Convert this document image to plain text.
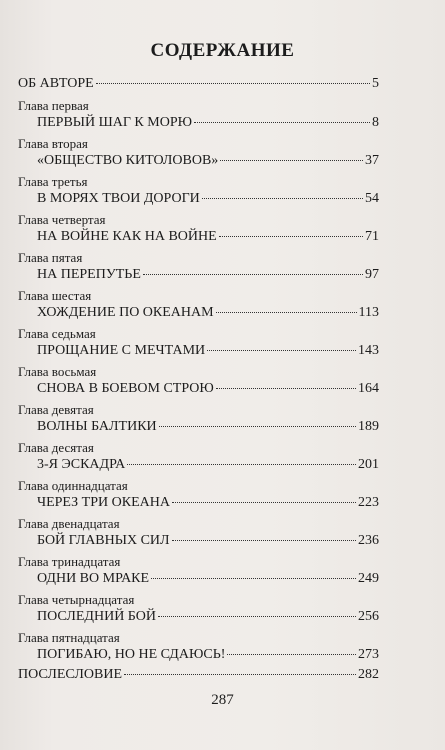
СОДЕРЖАНИЕ
ОБ АВТОРЕ	5
Глава первая
ПЕРВЫЙ ШАГ К МОРЮ	8
Глава вторая
«ОБЩЕСТВО КИТОЛОВОВ»	37
Глава третья
В МОРЯХ ТВОИ ДОРОГИ	54
Глава четвертая
НА ВОЙНЕ КАК НА ВОЙНЕ	71
Глава пятая
НА ПЕРЕПУТЬЕ	97
Глава шестая
ХОЖДЕНИЕ ПО ОКЕАНАМ	113
Глава седьмая
ПРОЩАНИЕ С МЕЧТАМИ	143
Глава восьмая
СНОВА В БОЕВОМ СТРОЮ	164
Глава девятая
ВОЛНЫ БАЛТИКИ	189
Глава десятая
3-Я ЭСКАДРА	201
Глава одиннадцатая
ЧЕРЕЗ ТРИ ОКЕАНА	223
Глава двенадцатая
БОЙ ГЛАВНЫХ СИЛ	236
Глава тринадцатая
ОДНИ ВО МРАКЕ	249
Глава четырнадцатая
ПОСЛЕДНИЙ БОЙ	256
Глава пятнадцатая
ПОГИБАЮ, НО НЕ СДАЮСЬ!	273
ПОСЛЕСЛОВИЕ	282
287
